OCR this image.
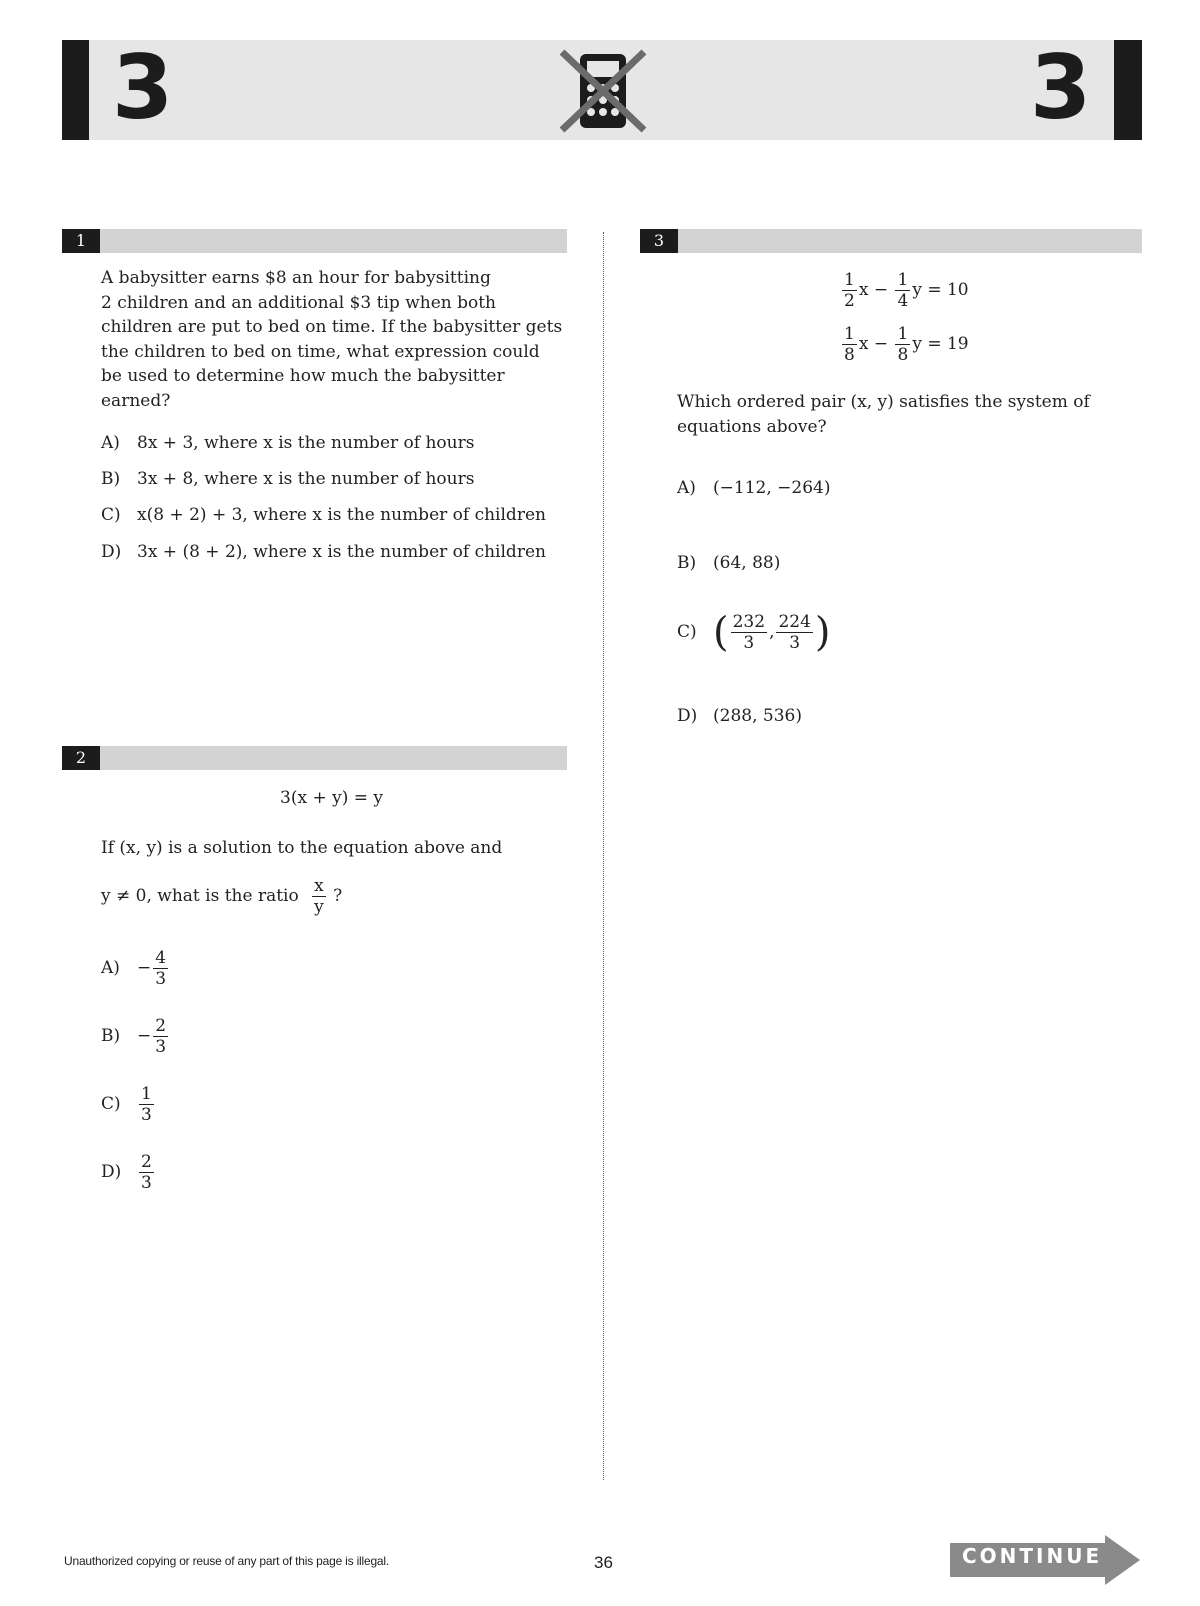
3	3
1
A babysitter earns $8 an hour for babysitting
2 children and an additional $3 tip when both
children are put to bed on time. If the babysitter gets
the children to bed on time, what expression could
be used to determine how much the babysitter
earned?
A) 8x + 3, where x is the number of hours
B) 3x + 8, where x is the number of hours
C) x(8 + 2) + 3, where x is the number of children
D) 3x + (8 + 2), where x is the number of children
2
3(x + y) = y
If (x, y) is a solution to the equation above and
y ≠ 0, what is the ratio $\frac{x}{y}$ ?
$A) - \frac{4}{3}$
$B) - \frac{2}{3}$
$C) \frac{1}{3}$
$D) \frac{2}{3}$
3
$\frac{1}{2}$ $x - \frac{1}{4}$ y = 10
$\frac{1}{8}$ $x - \frac{1}{8}$ y = 19
Which ordered pair (x, y) satisfies the system of
equations above?
A) (−112, −264)
B) (64, 88)
C) ( $\frac{232}{3}$ , $\frac{224}{3}$ )
D) (288, 536)
Unauthorized copying or reuse of any part of this page is illegal.	36	CONTINUE
